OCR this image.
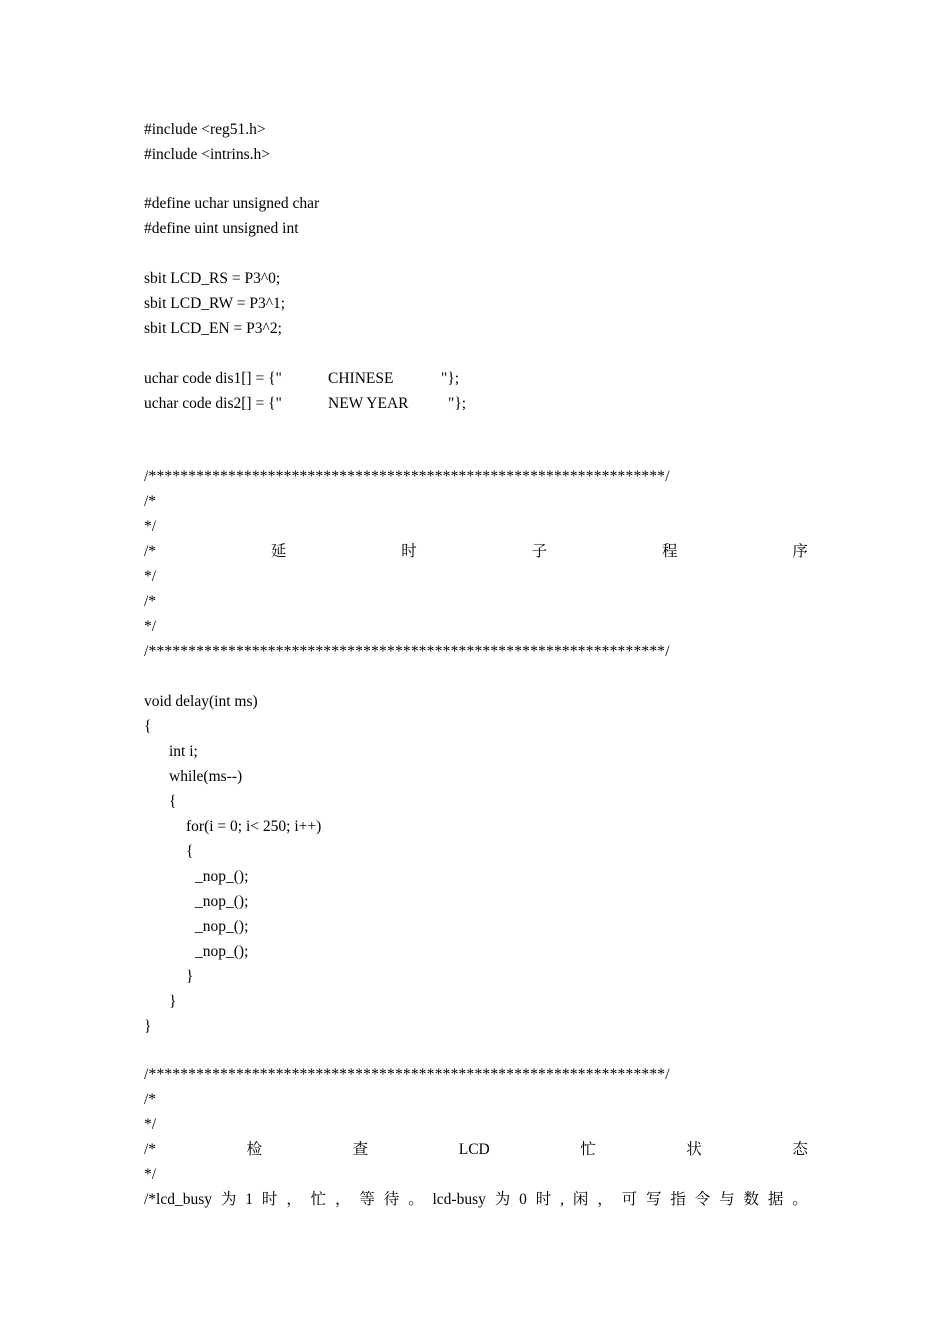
#include <reg51.h>
#include <intrins.h>
#define uchar unsigned char
#define uint unsigned int
sbit LCD_RS = P3^0;
sbit LCD_RW = P3^1;
sbit LCD_EN = P3^2;
uchar code dis1[] = {"	CHINESE	"};
uchar code dis2[] = {"	NEW YEAR	"};
/*****************************************************************/
/*
*/
/*	延	时	子	程	序
*/
/*
*/
/*****************************************************************/
void delay(int ms)
{
int i;
while(ms--)
{
for(i = 0; i< 250; i++)
{
_nop_();
_nop_();
_nop_();
_nop_();
}
}
}
/*****************************************************************/
/*
*/
/*	检	查	LCD	忙	状	态
*/
/*lcd_busy 为 1 时 ， 忙 ， 等 待 。 lcd-busy 为 0 时 , 闲 ， 可 写 指 令 与 数 据 。
